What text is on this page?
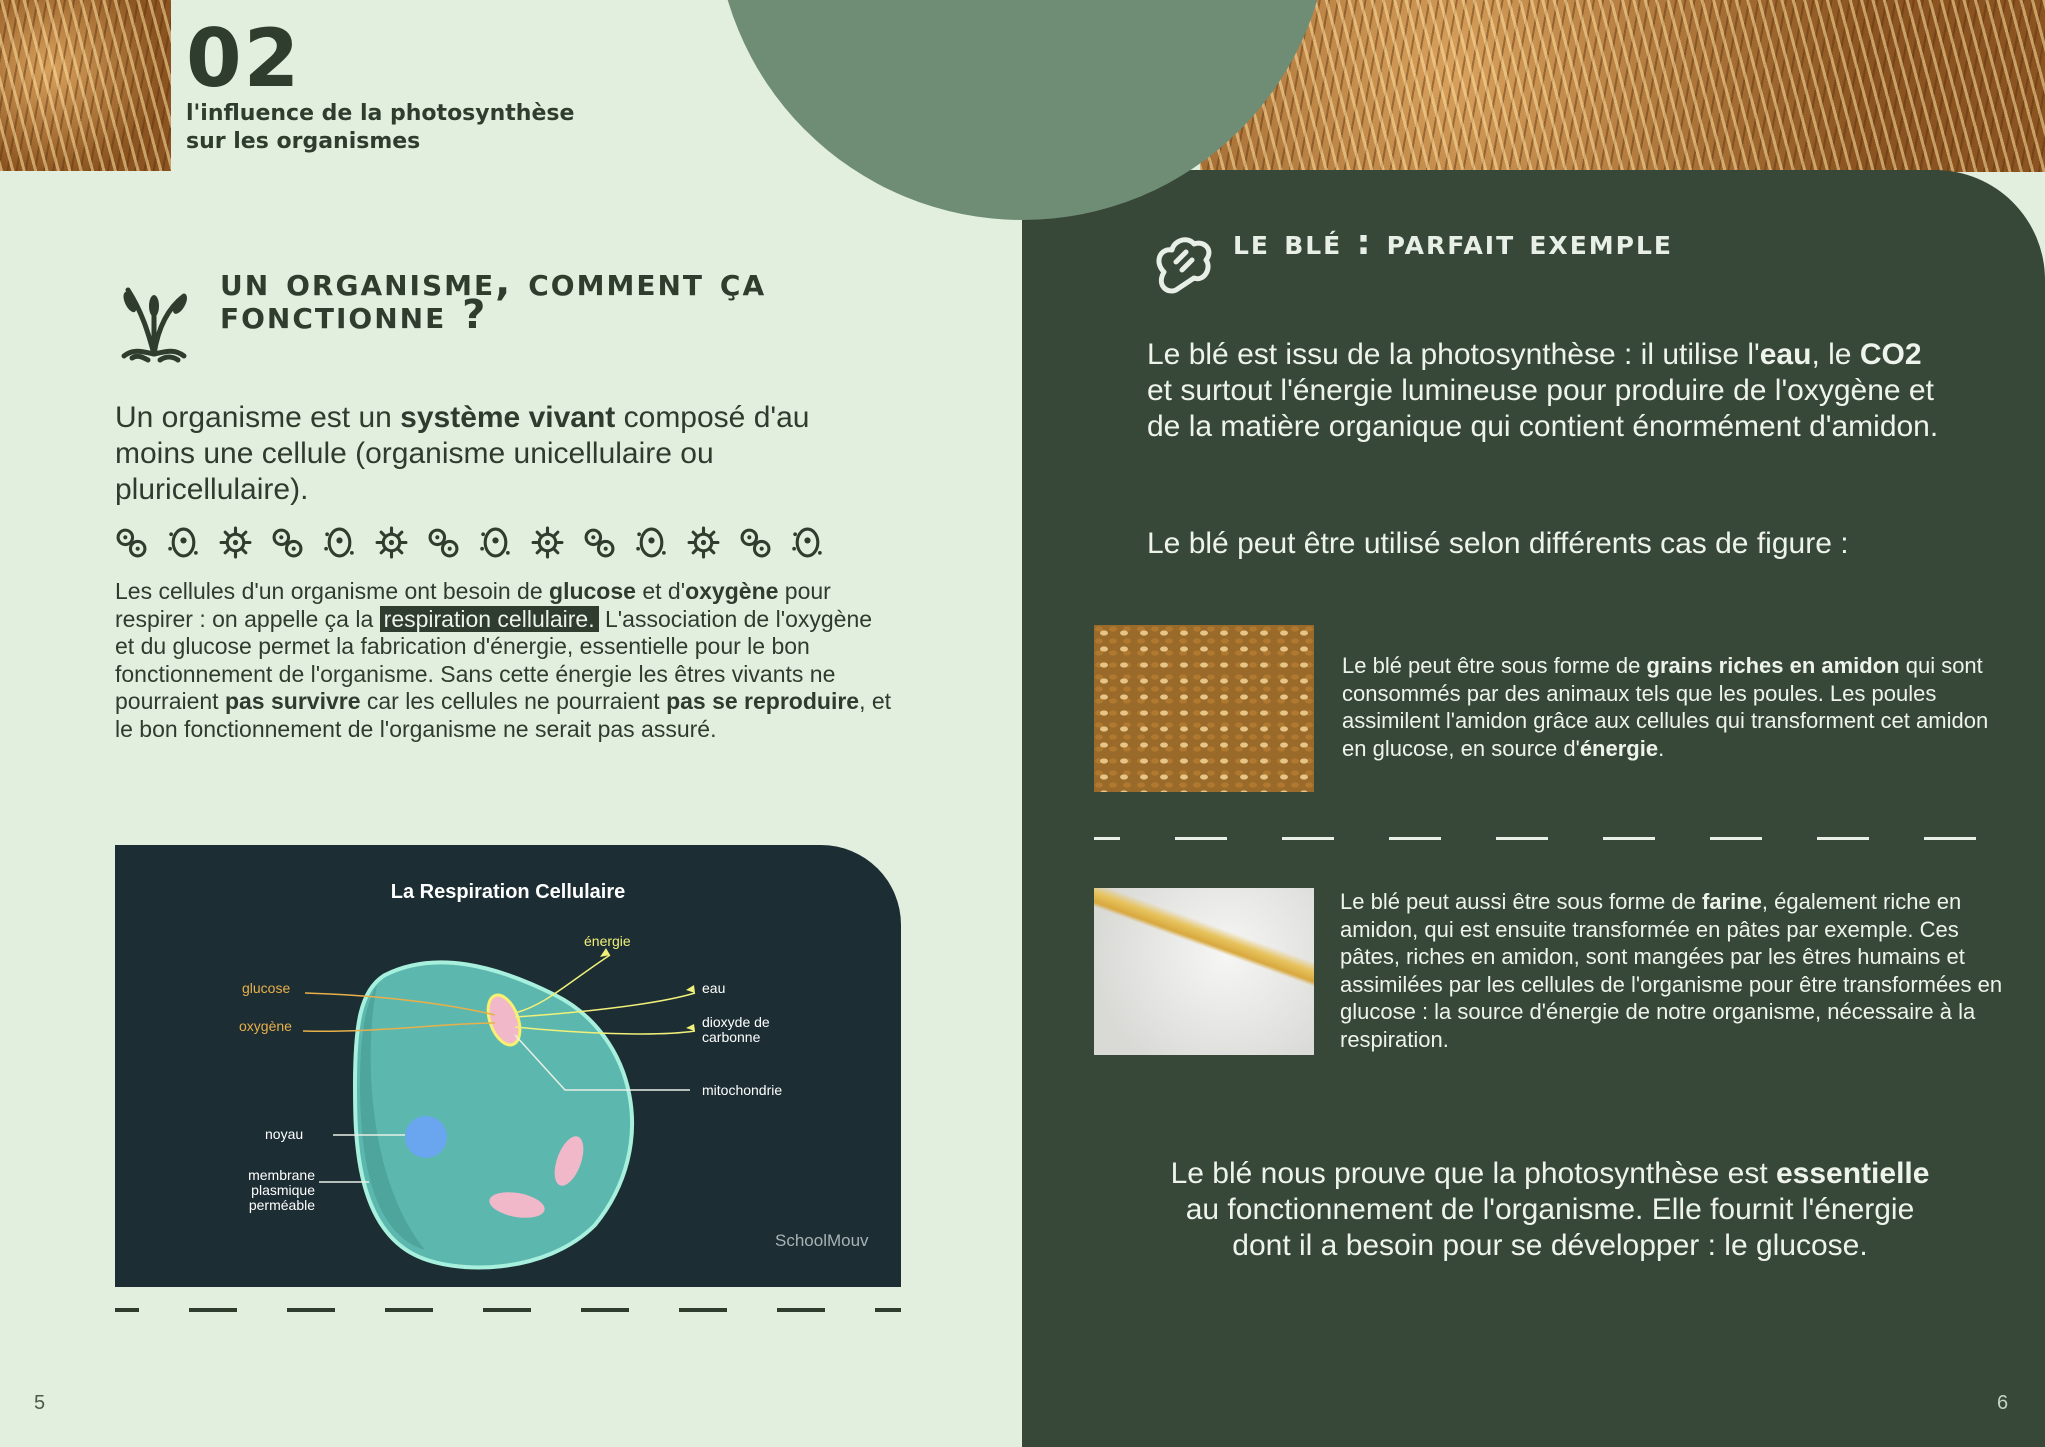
02
l'influence de la photosynthèse sur les organismes
un organisme, comment ça fonctionne ?
Un organisme est un système vivant composé d'au moins une cellule (organisme unicellulaire ou pluricellulaire).
Les cellules d'un organisme ont besoin de glucose et d'oxygène pour respirer : on appelle ça la respiration cellulaire. L'association de l'oxygène et du glucose permet la fabrication d'énergie, essentielle pour le bon fonctionnement de l'organisme. Sans cette énergie les êtres vivants ne pourraient pas survivre car les cellules ne pourraient pas se reproduire, et le bon fonctionnement de l'organisme ne serait pas assuré.
La Respiration Cellulaire
énergie
glucose
oxygène
eau
dioxyde de carbonne
mitochondrie
noyau
membrane plasmique perméable
SchoolMouv
5
le blé : parfait exemple
Le blé est issu de la photosynthèse : il utilise l'eau, le CO2 et surtout l'énergie lumineuse pour produire de l'oxygène et de la matière organique qui contient énormément d'amidon.
Le blé peut être utilisé selon différents cas de figure :
Le blé peut être sous forme de grains riches en amidon qui sont consommés par des animaux tels que les poules. Les poules assimilent l'amidon grâce aux cellules qui transforment cet amidon en glucose, en source d'énergie.
Le blé peut aussi être sous forme de farine, également riche en amidon, qui est ensuite transformée en pâtes par exemple. Ces pâtes, riches en amidon, sont mangées par les êtres humains et assimilées par les cellules de l'organisme pour être transformées en glucose : la source d'énergie de notre organisme, nécessaire à la respiration.
Le blé nous prouve que la photosynthèse est essentielle au fonctionnement de l'organisme. Elle fournit l'énergie dont il a besoin pour se développer : le glucose.
6
